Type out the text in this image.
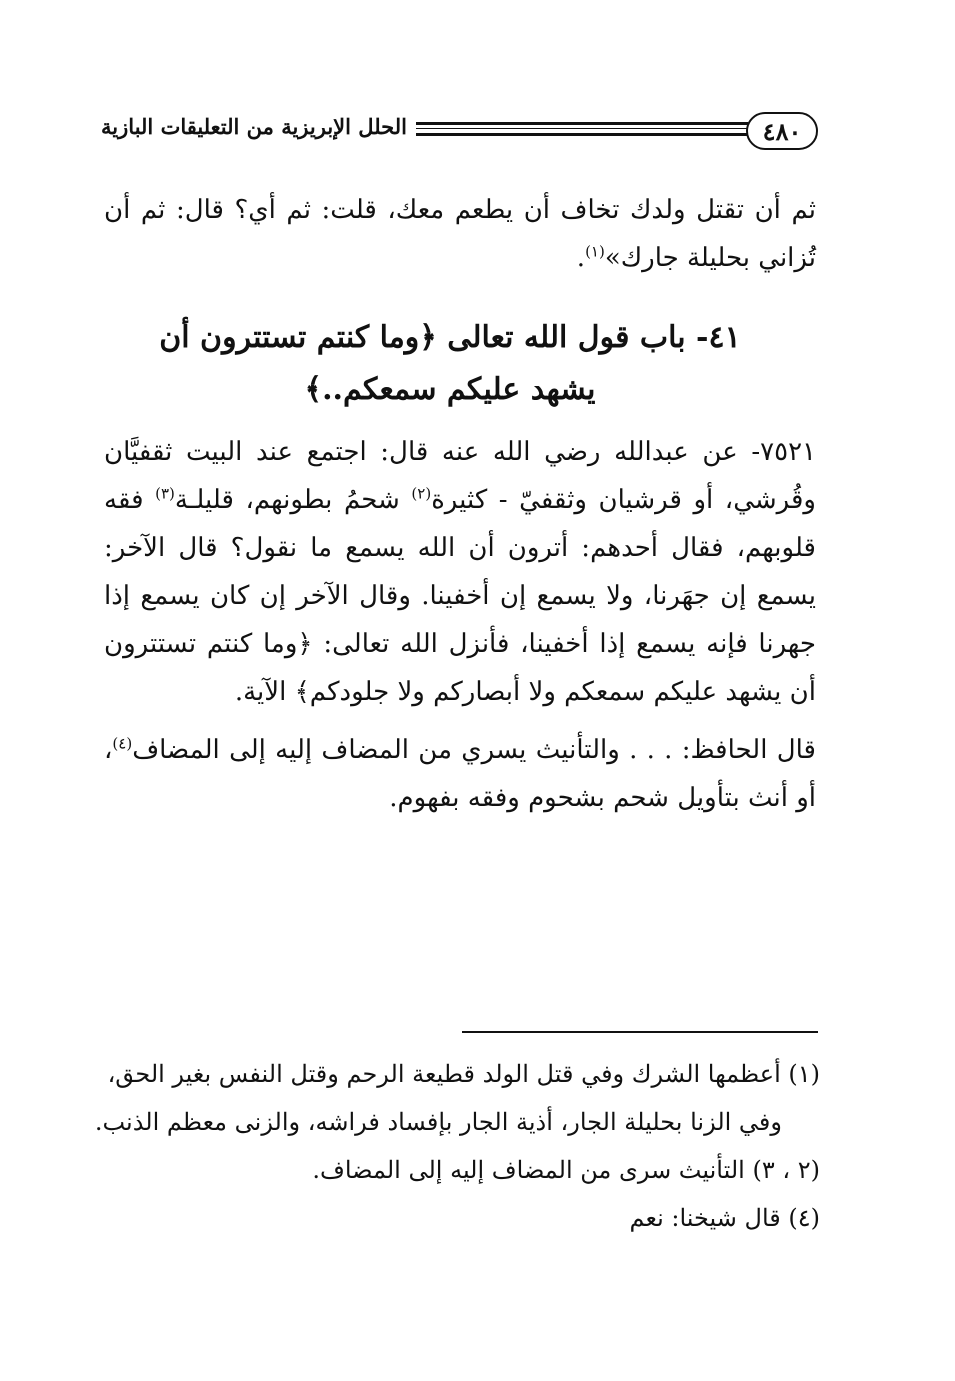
٤٨٠
الحلل الإبريزية من التعليقات البازية
ثم أن تقتل ولدك تخاف أن يطعم معك، قلت: ثم أي؟ قال: ثم أن تُزاني بحليلة جارك»$^{(١)}$.
٤١- باب قول الله تعالى ﴿وما كنتم تستترون أن يشهد عليكم سمعكم..﴾
٧٥٢١- عن عبدالله رضي الله عنه قال: اجتمع عند البيت ثقفيَّان وقُرشي، أو قرشيان وثقفيّ - كثيرة$^{(٢)}$ شحمُ بطونهم، قليلـة$^{(٣)}$ فقه قلوبهم، فقال أحدهم: أترون أن الله يسمع ما نقول؟ قال الآخر: يسمع إن جهَرنا، ولا يسمع إن أخفينا. وقال الآخر إن كان يسمع إذا جهرنا فإنه يسمع إذا أخفينا، فأنزل الله تعالى: ﴿وما كنتم تستترون أن يشهد عليكم سمعكم ولا أبصاركم ولا جلودكم﴾ الآية.
قال الحافظ: . . . والتأنيث يسري من المضاف إليه إلى المضاف$^{(٤)}$، أو أنث بتأويل شحم بشحوم وفقه بفهوم.
(١) أعظمها الشرك وفي قتل الولد قطيعة الرحم وقتل النفس بغير الحق،
وفي الزنا بحليلة الجار، أذية الجار بإفساد فراشه، والزنى معظم الذنب.
(٢ ، ٣) التأنيث سرى من المضاف إليه إلى المضاف.
(٤) قال شيخنا: نعم
